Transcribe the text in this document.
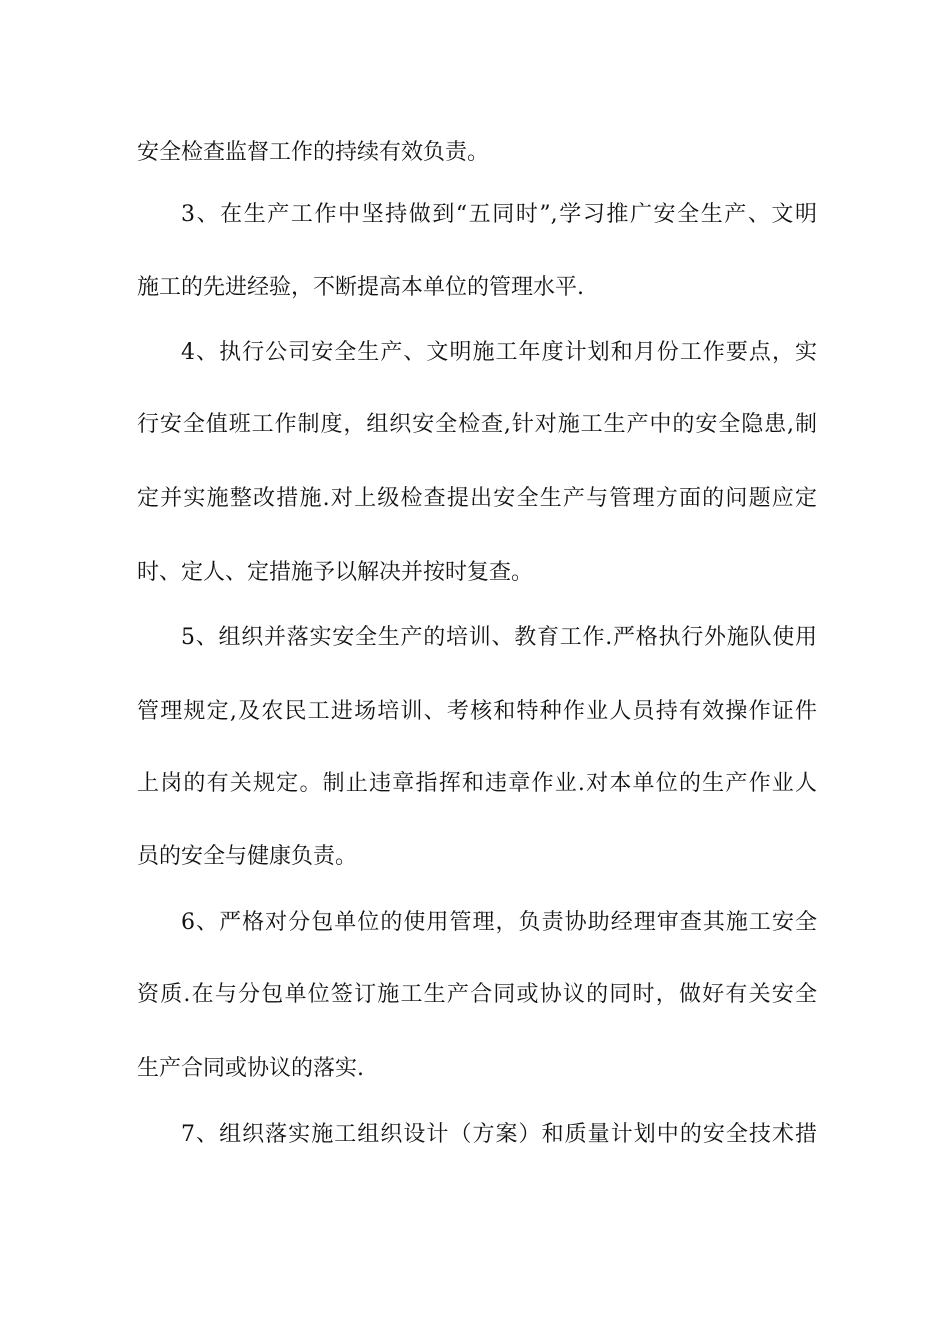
安全检查监督工作的持续有效负责。
3、在生产工作中坚持做到“五同时”,学习推广安全生产、文明
施工的先进经验，不断提高本单位的管理水平.
4、执行公司安全生产、文明施工年度计划和月份工作要点，实
行安全值班工作制度，组织安全检查,针对施工生产中的安全隐患,制
定并实施整改措施.对上级检查提出安全生产与管理方面的问题应定
时、定人、定措施予以解决并按时复查。
5、组织并落实安全生产的培训、教育工作.严格执行外施队使用
管理规定,及农民工进场培训、考核和特种作业人员持有效操作证件
上岗的有关规定。制止违章指挥和违章作业.对本单位的生产作业人
员的安全与健康负责。
6、严格对分包单位的使用管理，负责协助经理审查其施工安全
资质.在与分包单位签订施工生产合同或协议的同时，做好有关安全
生产合同或协议的落实.
7、组织落实施工组织设计（方案）和质量计划中的安全技术措
